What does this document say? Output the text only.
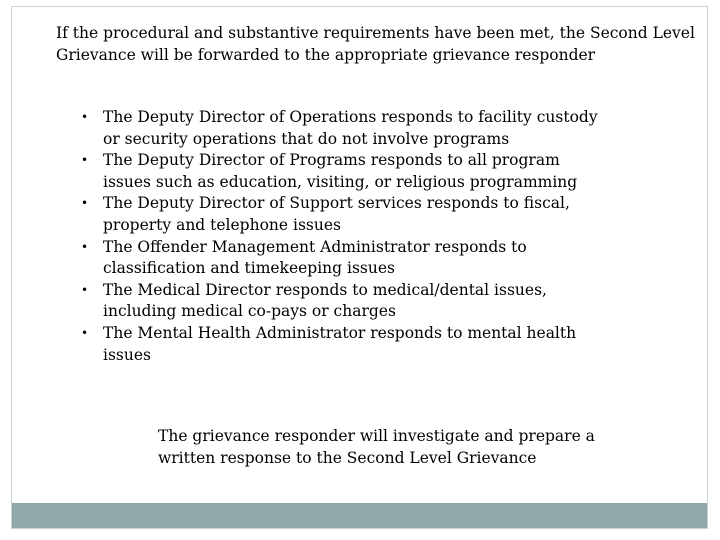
If the procedural and substantive requirements have been met, the Second Level Grievance will be forwarded to the appropriate grievance responder

• The Deputy Director of Operations responds to facility custody or security operations that do not involve programs
• The Deputy Director of Programs responds to all program issues such as education, visiting, or religious programming
• The Deputy Director of Support services responds to fiscal, property and telephone issues
• The Offender Management Administrator responds to classification and timekeeping issues
• The Medical Director responds to medical/dental issues, including medical co-pays or charges
• The Mental Health Administrator responds to mental health issues

The grievance responder will investigate and prepare a written response to the Second Level Grievance
